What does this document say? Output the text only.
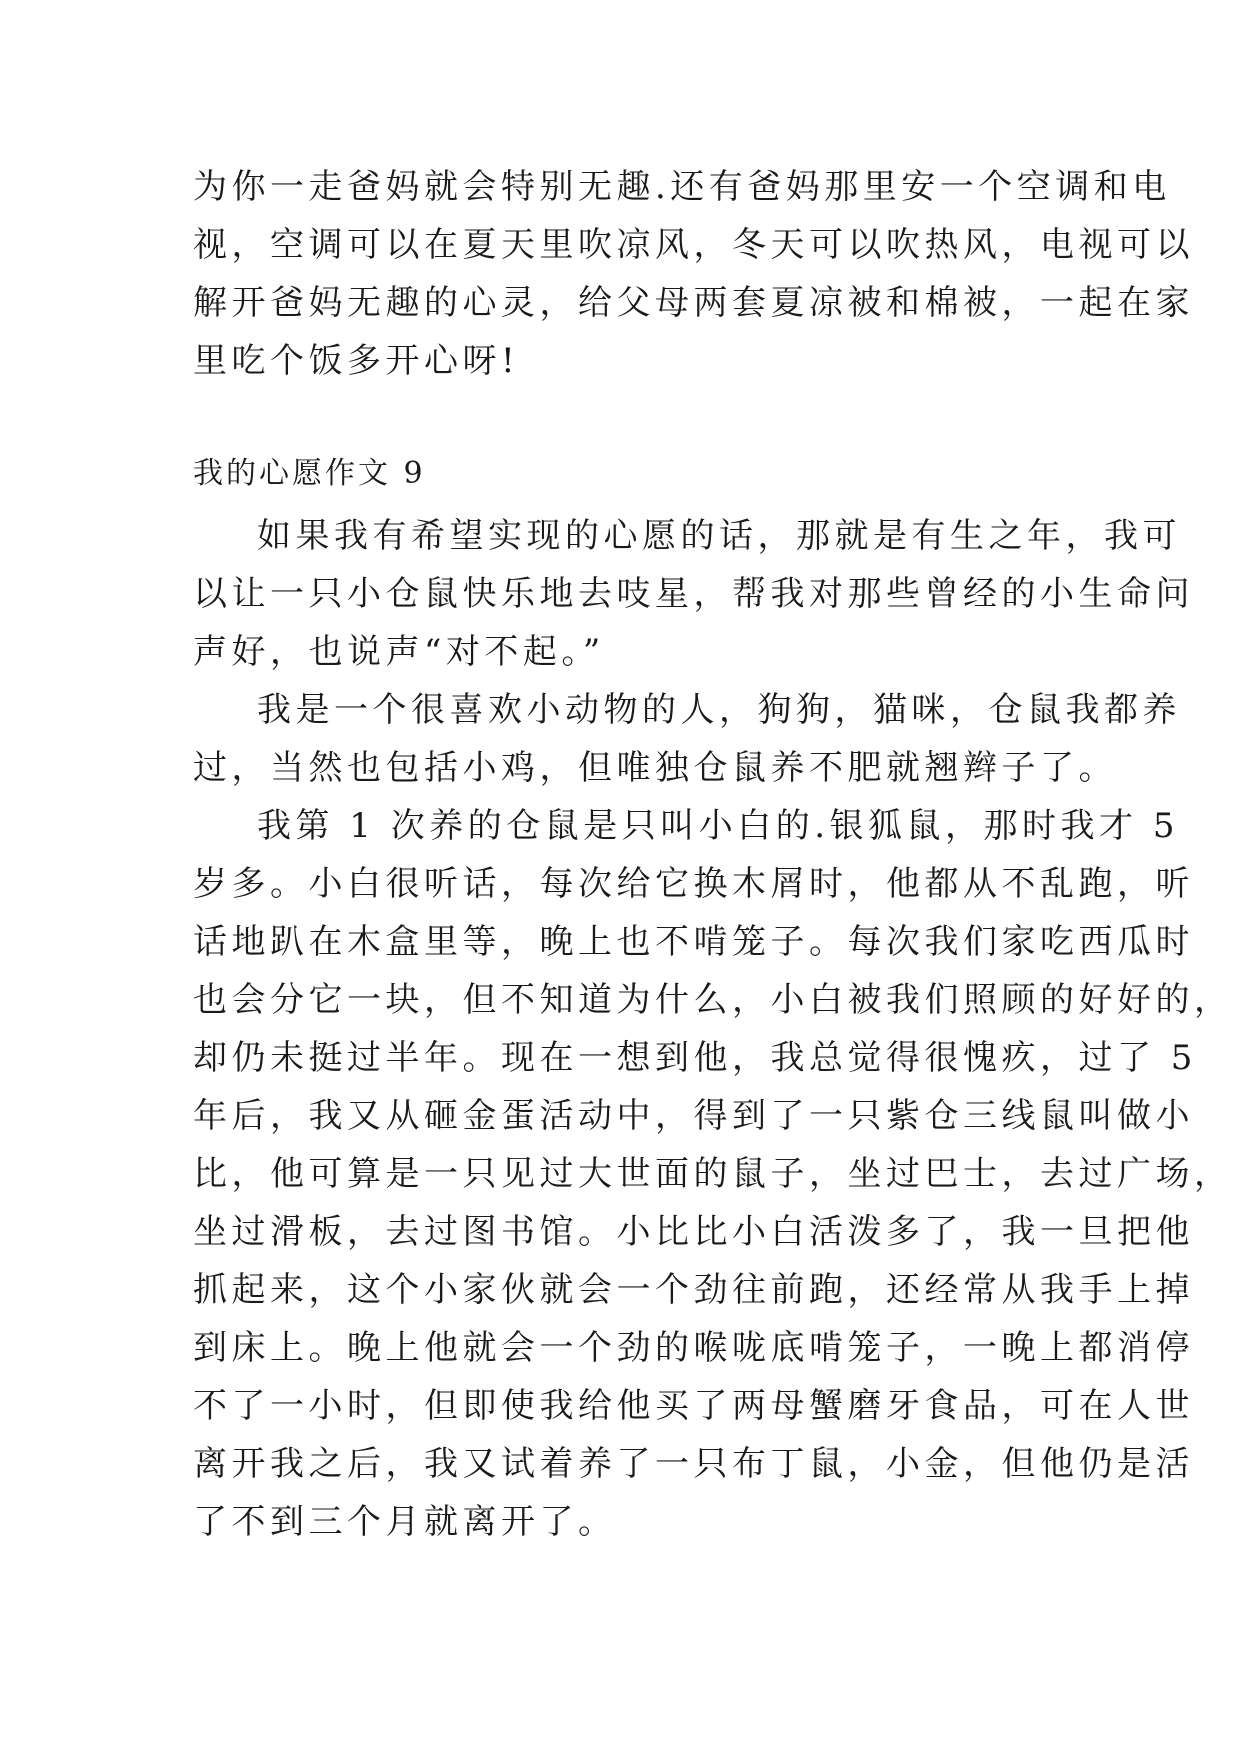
为你一走爸妈就会特别无趣.还有爸妈那里安一个空调和电
视，空调可以在夏天里吹凉风，冬天可以吹热风，电视可以
解开爸妈无趣的心灵，给父母两套夏凉被和棉被，一起在家
里吃个饭多开心呀!
我的心愿作文 9
如果我有希望实现的心愿的话，那就是有生之年，我可
以让一只小仓鼠快乐地去吱星，帮我对那些曾经的小生命问
声好，也说声“对不起。”
我是一个很喜欢小动物的人，狗狗，猫咪，仓鼠我都养
过，当然也包括小鸡，但唯独仓鼠养不肥就翘辫子了。
我第 1 次养的仓鼠是只叫小白的.银狐鼠，那时我才 5
岁多。小白很听话，每次给它换木屑时，他都从不乱跑，听
话地趴在木盒里等，晚上也不啃笼子。每次我们家吃西瓜时
也会分它一块，但不知道为什么，小白被我们照顾的好好的，
却仍未挺过半年。现在一想到他，我总觉得很愧疚，过了 5
年后，我又从砸金蛋活动中，得到了一只紫仓三线鼠叫做小
比，他可算是一只见过大世面的鼠子，坐过巴士，去过广场，
坐过滑板，去过图书馆。小比比小白活泼多了，我一旦把他
抓起来，这个小家伙就会一个劲往前跑，还经常从我手上掉
到床上。晚上他就会一个劲的喉咙底啃笼子，一晚上都消停
不了一小时，但即使我给他买了两母蟹磨牙食品，可在人世
离开我之后，我又试着养了一只布丁鼠，小金，但他仍是活
了不到三个月就离开了。
